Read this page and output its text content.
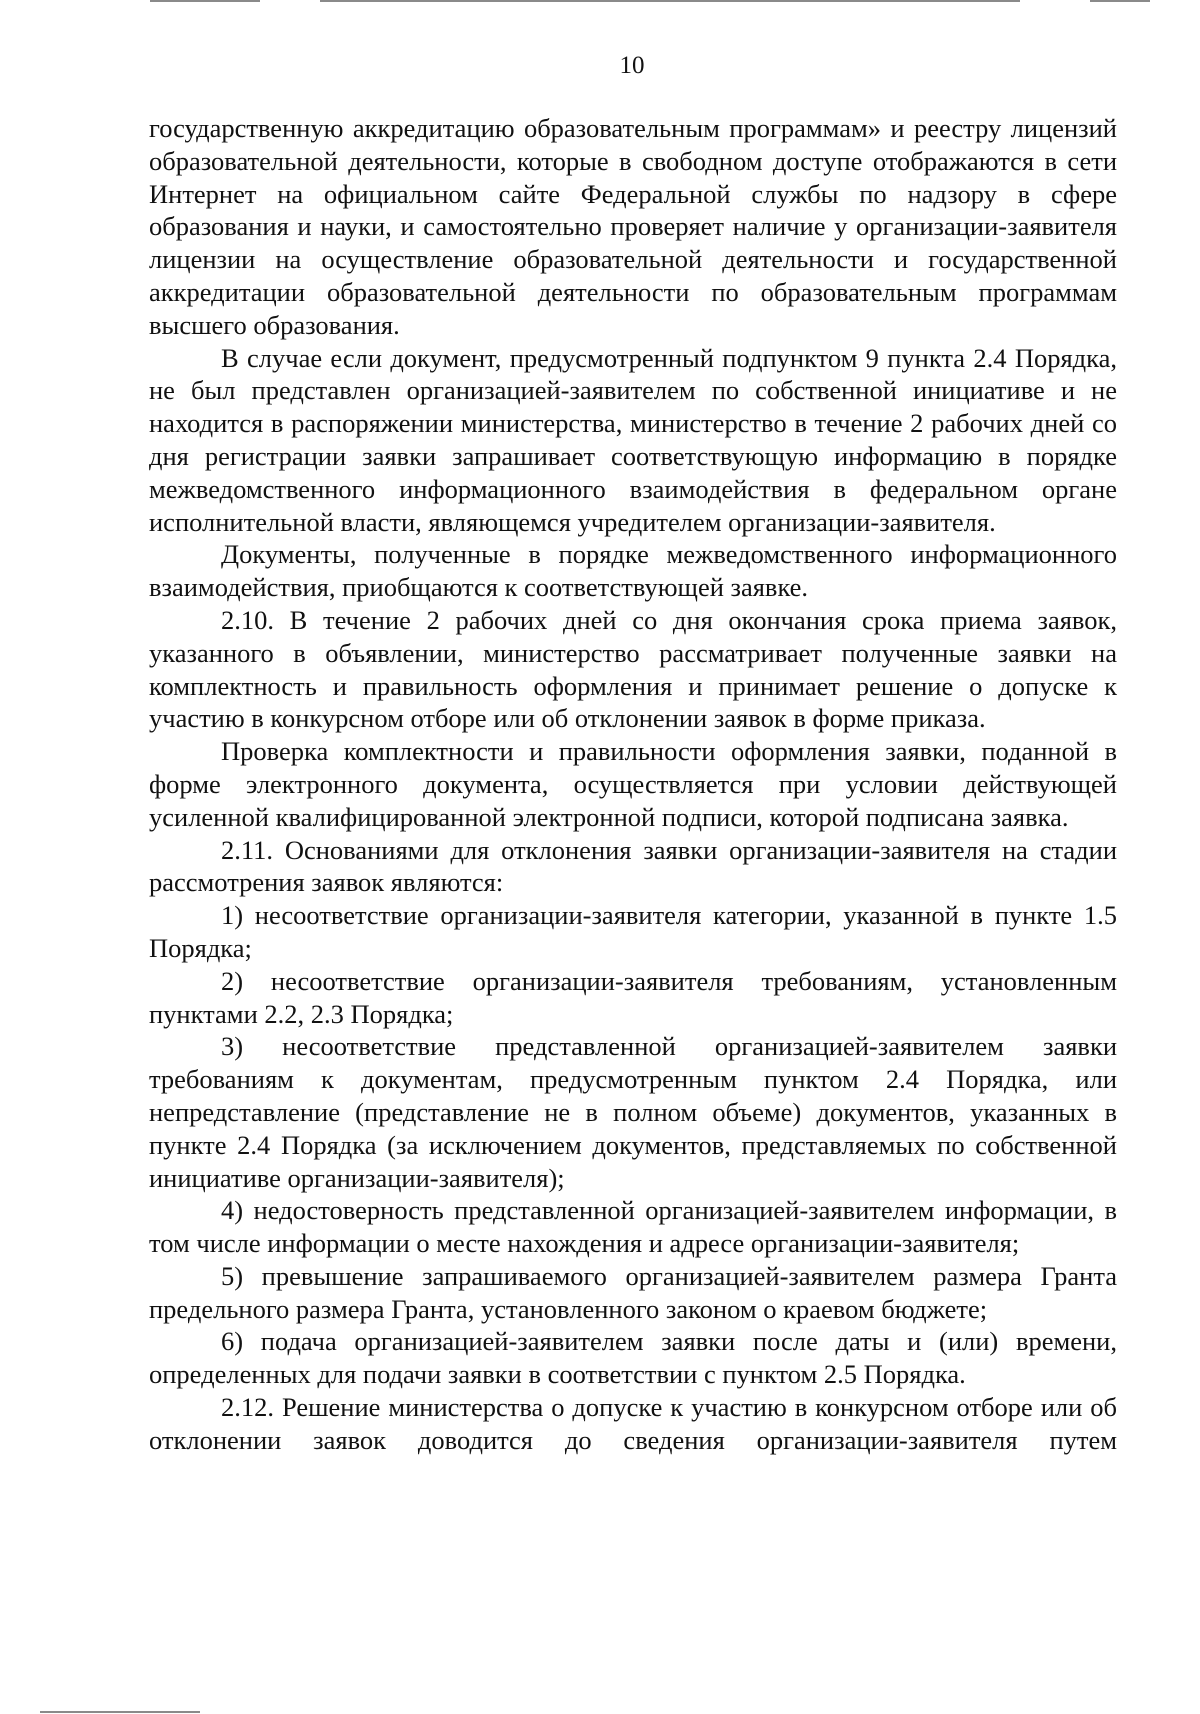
10

государственную аккредитацию образовательным программам» и реестру лицензий образовательной деятельности, которые в свободном доступе отображаются в сети Интернет на официальном сайте Федеральной службы по надзору в сфере образования и науки, и самостоятельно проверяет наличие у организации-заявителя лицензии на осуществление образовательной деятельности и государственной аккредитации образовательной деятельности по образовательным программам высшего образования.

В случае если документ, предусмотренный подпунктом 9 пункта 2.4 Порядка, не был представлен организацией-заявителем по собственной инициативе и не находится в распоряжении министерства, министерство в течение 2 рабочих дней со дня регистрации заявки запрашивает соответствующую информацию в порядке межведомственного информационного взаимодействия в федеральном органе исполнительной власти, являющемся учредителем организации-заявителя.

Документы, полученные в порядке межведомственного информационного взаимодействия, приобщаются к соответствующей заявке.

2.10. В течение 2 рабочих дней со дня окончания срока приема заявок, указанного в объявлении, министерство рассматривает полученные заявки на комплектность и правильность оформления и принимает решение о допуске к участию в конкурсном отборе или об отклонении заявок в форме приказа.

Проверка комплектности и правильности оформления заявки, поданной в форме электронного документа, осуществляется при условии действующей усиленной квалифицированной электронной подписи, которой подписана заявка.

2.11. Основаниями для отклонения заявки организации-заявителя на стадии рассмотрения заявок являются:

1) несоответствие организации-заявителя категории, указанной в пункте 1.5 Порядка;

2) несоответствие организации-заявителя требованиям, установленным пунктами 2.2, 2.3 Порядка;

3) несоответствие представленной организацией-заявителем заявки требованиям к документам, предусмотренным пунктом 2.4 Порядка, или непредставление (представление не в полном объеме) документов, указанных в пункте 2.4 Порядка (за исключением документов, представляемых по собственной инициативе организации-заявителя);

4) недостоверность представленной организацией-заявителем информации, в том числе информации о месте нахождения и адресе организации-заявителя;

5) превышение запрашиваемого организацией-заявителем размера Гранта предельного размера Гранта, установленного законом о краевом бюджете;

6) подача организацией-заявителем заявки после даты и (или) времени, определенных для подачи заявки в соответствии с пунктом 2.5 Порядка.

2.12. Решение министерства о допуске к участию в конкурсном отборе или об отклонении заявок доводится до сведения организации-заявителя путем
